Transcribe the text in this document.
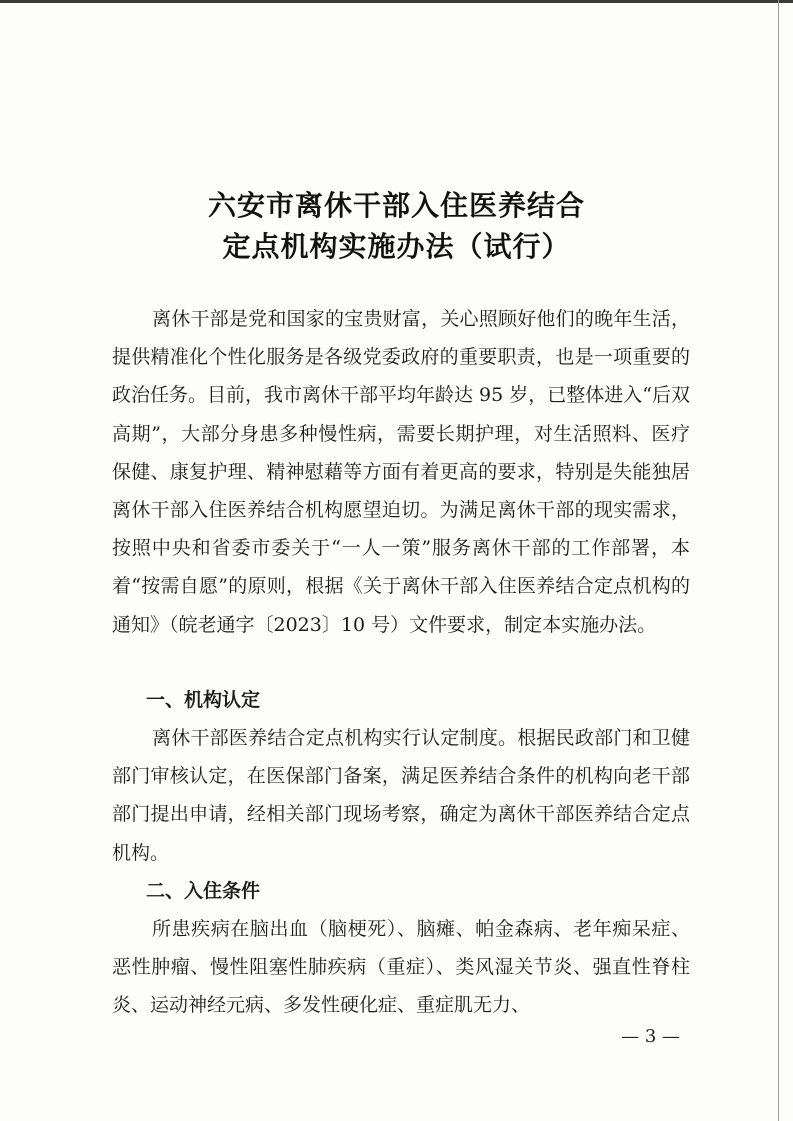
六安市离休干部入住医养结合
定点机构实施办法（试行）

离休干部是党和国家的宝贵财富，关心照顾好他们的晚年生活，提供精准化个性化服务是各级党委政府的重要职责，也是一项重要的政治任务。目前，我市离休干部平均年龄达 95 岁，已整体进入“后双高期”，大部分身患多种慢性病，需要长期护理，对生活照料、医疗保健、康复护理、精神慰藉等方面有着更高的要求，特别是失能独居离休干部入住医养结合机构愿望迫切。为满足离休干部的现实需求，按照中央和省委市委关于“一人一策”服务离休干部的工作部署，本着“按需自愿”的原则，根据《关于离休干部入住医养结合定点机构的通知》（皖老通字〔2023〕10 号）文件要求，制定本实施办法。

一、机构认定

离休干部医养结合定点机构实行认定制度。根据民政部门和卫健部门审核认定，在医保部门备案，满足医养结合条件的机构向老干部部门提出申请，经相关部门现场考察，确定为离休干部医养结合定点机构。

二、入住条件

所患疾病在脑出血（脑梗死）、脑瘫、帕金森病、老年痴呆症、恶性肿瘤、慢性阻塞性肺疾病（重症）、类风湿关节炎、强直性脊柱炎、运动神经元病、多发性硬化症、重症肌无力、

— 3 —
